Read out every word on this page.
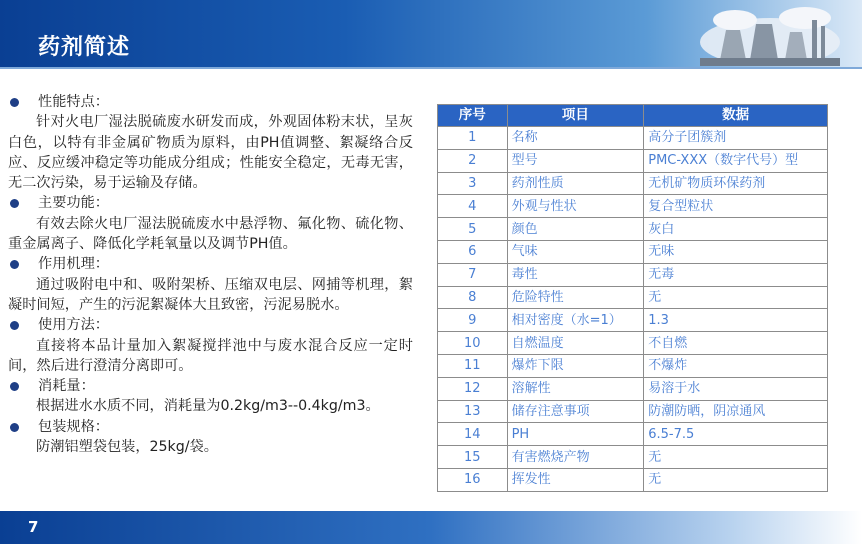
药剂简述

性能特点：

针对火电厂湿法脱硫废水研发而成，外观固体粉末状，呈灰白色，以特有非金属矿物质为原料，由PH值调整、絮凝络合反应、反应缓冲稳定等功能成分组成；性能安全稳定，无毒无害，无二次污染，易于运输及存储。

主要功能：

有效去除火电厂湿法脱硫废水中悬浮物、氟化物、硫化物、重金属离子、降低化学耗氧量以及调节PH值。

作用机理：

通过吸附电中和、吸附架桥、压缩双电层、网捕等机理，絮凝时间短，产生的污泥絮凝体大且致密，污泥易脱水。

使用方法：

直接将本品计量加入絮凝搅拌池中与废水混合反应一定时间，然后进行澄清分离即可。

消耗量：

根据进水水质不同，消耗量为0.2kg/m3--0.4kg/m3。

包装规格：

防潮铝塑袋包装，25kg/袋。

序号	项目	数据
1	名称	高分子团簇剂
2	型号	PMC-XXX（数字代号）型
3	药剂性质	无机矿物质环保药剂
4	外观与性状	复合型粒状
5	颜色	灰白
6	气味	无味
7	毒性	无毒
8	危险特性	无
9	相对密度（水=1）	1.3
10	自燃温度	不自燃
11	爆炸下限	不爆炸
12	溶解性	易溶于水
13	储存注意事项	防潮防晒，阴凉通风
14	PH	6.5-7.5
15	有害燃烧产物	无
16	挥发性	无
7
